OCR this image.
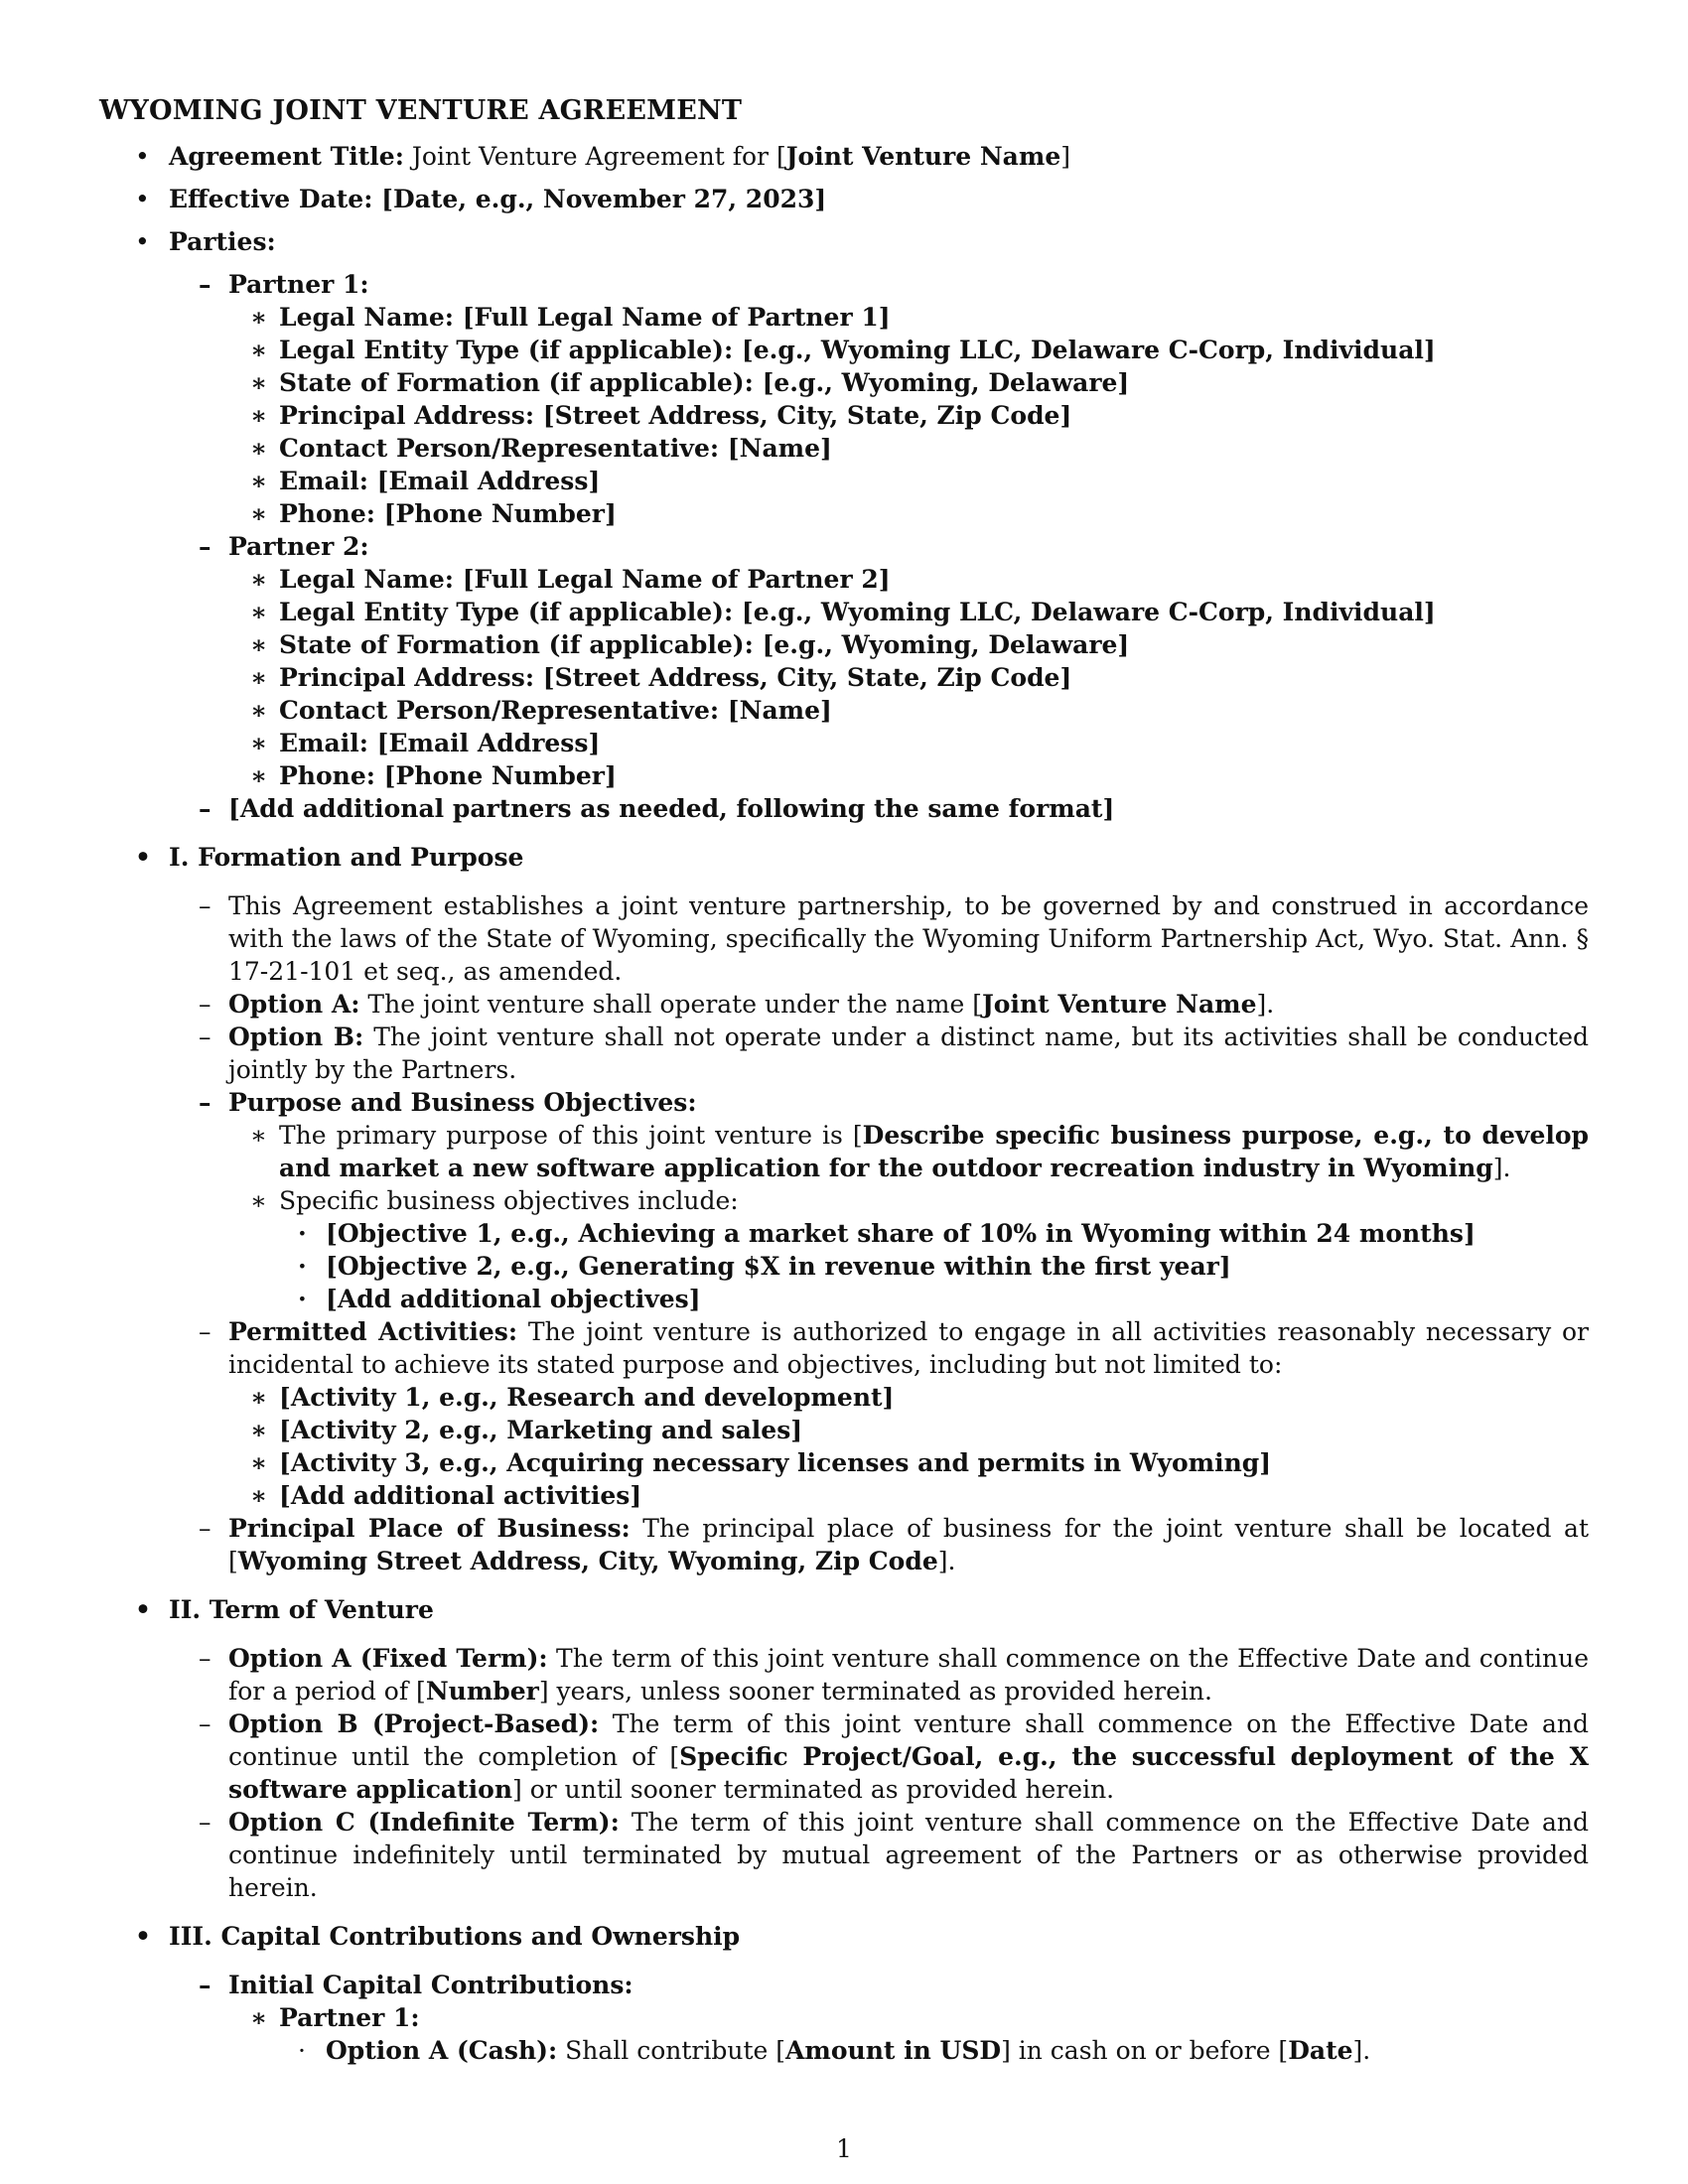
WYOMING JOINT VENTURE AGREEMENT
• Agreement Title: Joint Venture Agreement for [Joint Venture Name]
• Effective Date: [Date, e.g., November 27, 2023]
• Parties:
– Partner 1:
∗ Legal Name: [Full Legal Name of Partner 1]
∗ Legal Entity Type (if applicable): [e.g., Wyoming LLC, Delaware C-Corp, Individual]
∗ State of Formation (if applicable): [e.g., Wyoming, Delaware]
∗ Principal Address: [Street Address, City, State, Zip Code]
∗ Contact Person/Representative: [Name]
∗ Email: [Email Address]
∗ Phone: [Phone Number]
– Partner 2:
∗ Legal Name: [Full Legal Name of Partner 2]
∗ Legal Entity Type (if applicable): [e.g., Wyoming LLC, Delaware C-Corp, Individual]
∗ State of Formation (if applicable): [e.g., Wyoming, Delaware]
∗ Principal Address: [Street Address, City, State, Zip Code]
∗ Contact Person/Representative: [Name]
∗ Email: [Email Address]
∗ Phone: [Phone Number]
– [Add additional partners as needed, following the same format]
• I. Formation and Purpose
– This Agreement establishes a joint venture partnership, to be governed by and construed in accordance with the laws of the State of Wyoming, specifically the Wyoming Uniform Partnership Act, Wyo. Stat. Ann. § 17-21-101 et seq., as amended.
– Option A: The joint venture shall operate under the name [Joint Venture Name].
– Option B: The joint venture shall not operate under a distinct name, but its activities shall be conducted jointly by the Partners.
– Purpose and Business Objectives:
∗ The primary purpose of this joint venture is [Describe specific business purpose, e.g., to develop and market a new software application for the outdoor recreation industry in Wyoming].
∗ Specific business objectives include:
· [Objective 1, e.g., Achieving a market share of 10% in Wyoming within 24 months]
· [Objective 2, e.g., Generating $X in revenue within the first year]
· [Add additional objectives]
– Permitted Activities: The joint venture is authorized to engage in all activities reasonably necessary or incidental to achieve its stated purpose and objectives, including but not limited to:
∗ [Activity 1, e.g., Research and development]
∗ [Activity 2, e.g., Marketing and sales]
∗ [Activity 3, e.g., Acquiring necessary licenses and permits in Wyoming]
∗ [Add additional activities]
– Principal Place of Business: The principal place of business for the joint venture shall be located at [Wyoming Street Address, City, Wyoming, Zip Code].
• II. Term of Venture
– Option A (Fixed Term): The term of this joint venture shall commence on the Effective Date and continue for a period of [Number] years, unless sooner terminated as provided herein.
– Option B (Project-Based): The term of this joint venture shall commence on the Effective Date and continue until the completion of [Specific Project/Goal, e.g., the successful deployment of the X software application] or until sooner terminated as provided herein.
– Option C (Indefinite Term): The term of this joint venture shall commence on the Effective Date and continue indefinitely until terminated by mutual agreement of the Partners or as otherwise provided herein.
• III. Capital Contributions and Ownership
– Initial Capital Contributions:
∗ Partner 1:
· Option A (Cash): Shall contribute [Amount in USD] in cash on or before [Date].
1
